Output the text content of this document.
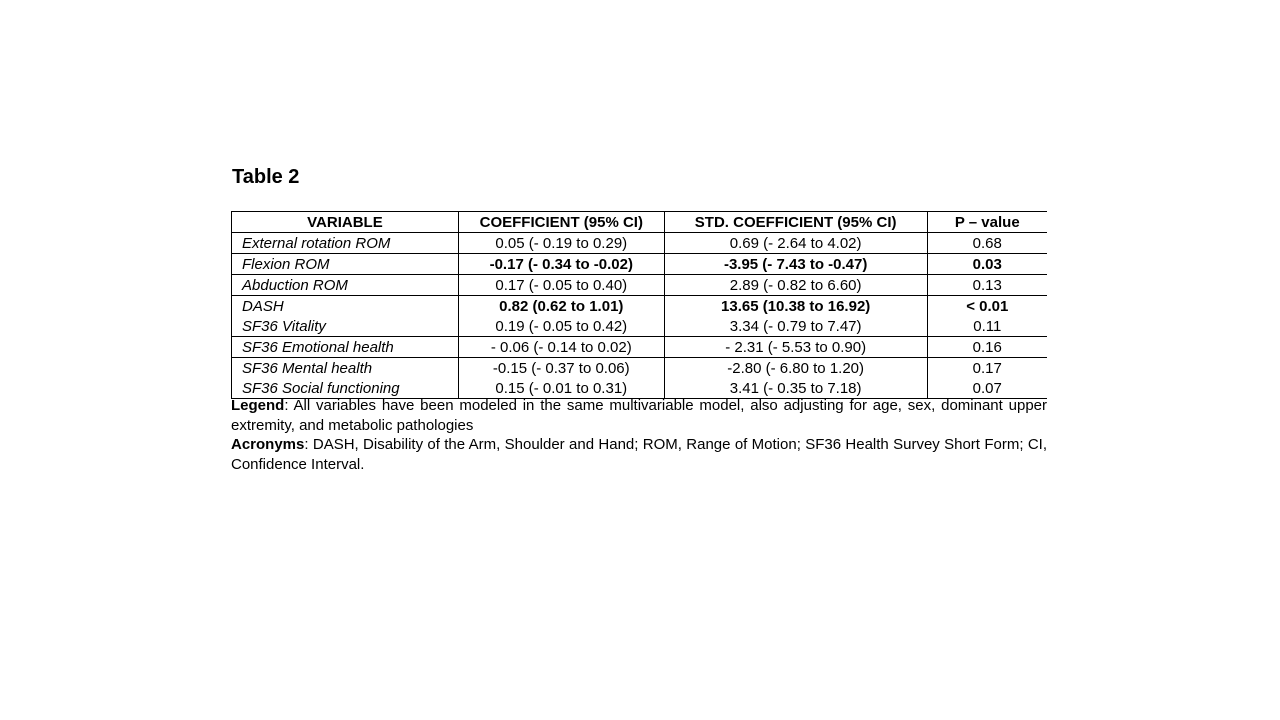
Table 2
VARIABLE	COEFFICIENT (95% CI)	STD. COEFFICIENT (95% CI)	P – value
External rotation ROM	0.05 (- 0.19 to 0.29)	0.69 (- 2.64 to 4.02)	0.68
Flexion ROM	-0.17 (- 0.34 to -0.02)	-3.95 (- 7.43 to -0.47)	0.03
Abduction ROM	0.17 (- 0.05 to 0.40)	2.89 (- 0.82 to 6.60)	0.13
DASH	0.82 (0.62 to 1.01)	13.65 (10.38 to 16.92)	< 0.01
SF36 Vitality	0.19 (- 0.05 to 0.42)	3.34 (- 0.79 to 7.47)	0.11
SF36 Emotional health	- 0.06 (- 0.14 to 0.02)	- 2.31 (- 5.53 to 0.90)	0.16
SF36 Mental health	-0.15 (- 0.37 to 0.06)	-2.80 (- 6.80 to 1.20)	0.17
SF36 Social functioning	0.15 (- 0.01 to 0.31)	3.41 (- 0.35 to 7.18)	0.07

Legend: All variables have been modeled in the same multivariable model, also adjusting for age, sex, dominant upper extremity, and metabolic pathologies

Acronyms: DASH, Disability of the Arm, Shoulder and Hand; ROM, Range of Motion; SF36 Health Survey Short Form; CI, Confidence Interval.
